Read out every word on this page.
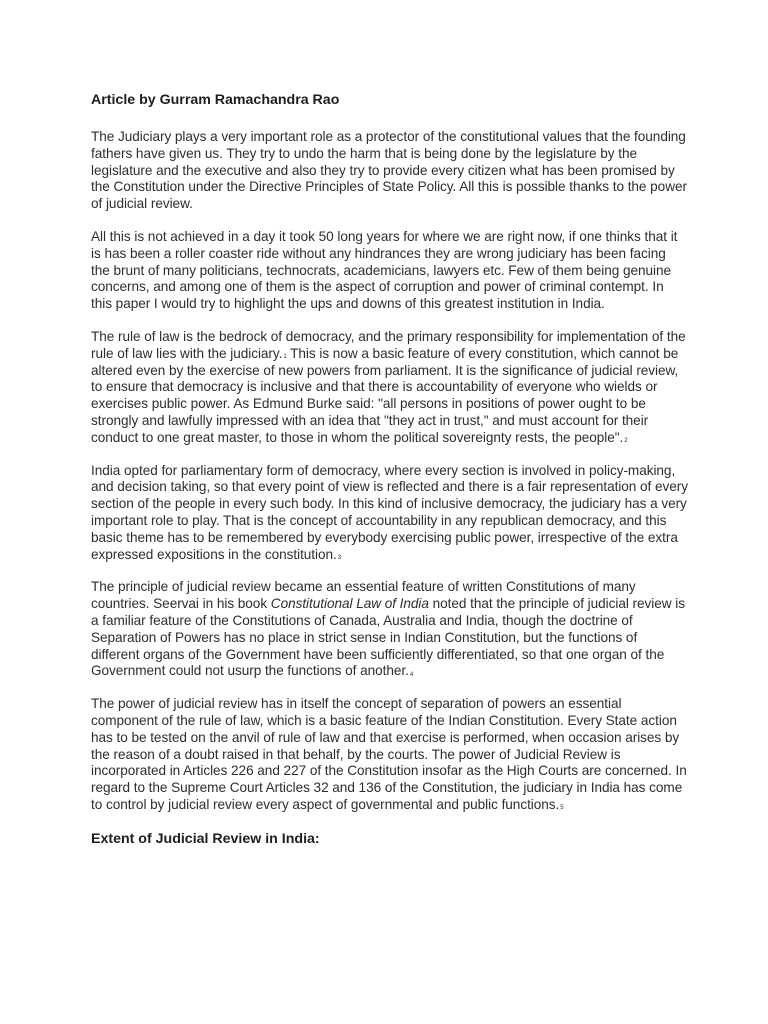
Article by Gurram Ramachandra Rao

The Judiciary plays a very important role as a protector of the constitutional values that the founding fathers have given us. They try to undo the harm that is being done by the legislature by the legislature and the executive and also they try to provide every citizen what has been promised by the Constitution under the Directive Principles of State Policy. All this is possible thanks to the power of judicial review.

All this is not achieved in a day it took 50 long years for where we are right now, if one thinks that it is has been a roller coaster ride without any hindrances they are wrong judiciary has been facing the brunt of many politicians, technocrats, academicians, lawyers etc. Few of them being genuine concerns, and among one of them is the aspect of corruption and power of criminal contempt. In this paper I would try to highlight the ups and downs of this greatest institution in India.

The rule of law is the bedrock of democracy, and the primary responsibility for implementation of the rule of law lies with the judiciary.$^1$ This is now a basic feature of every constitution, which cannot be altered even by the exercise of new powers from parliament. It is the significance of judicial review, to ensure that democracy is inclusive and that there is accountability of everyone who wields or exercises public power. As Edmund Burke said: "all persons in positions of power ought to be strongly and lawfully impressed with an idea that "they act in trust," and must account for their conduct to one great master, to those in whom the political sovereignty rests, the people".$^2$

India opted for parliamentary form of democracy, where every section is involved in policy-making, and decision taking, so that every point of view is reflected and there is a fair representation of every section of the people in every such body. In this kind of inclusive democracy, the judiciary has a very important role to play. That is the concept of accountability in any republican democracy, and this basic theme has to be remembered by everybody exercising public power, irrespective of the extra expressed expositions in the constitution.$^3$

The principle of judicial review became an essential feature of written Constitutions of many countries. Seervai in his book Constitutional Law of India noted that the principle of judicial review is a familiar feature of the Constitutions of Canada, Australia and India, though the doctrine of Separation of Powers has no place in strict sense in Indian Constitution, but the functions of different organs of the Government have been sufficiently differentiated, so that one organ of the Government could not usurp the functions of another.$^4$

The power of judicial review has in itself the concept of separation of powers an essential component of the rule of law, which is a basic feature of the Indian Constitution. Every State action has to be tested on the anvil of rule of law and that exercise is performed, when occasion arises by the reason of a doubt raised in that behalf, by the courts. The power of Judicial Review is incorporated in Articles 226 and 227 of the Constitution insofar as the High Courts are concerned. In regard to the Supreme Court Articles 32 and 136 of the Constitution, the judiciary in India has come to control by judicial review every aspect of governmental and public functions.$^5$

Extent of Judicial Review in India:
